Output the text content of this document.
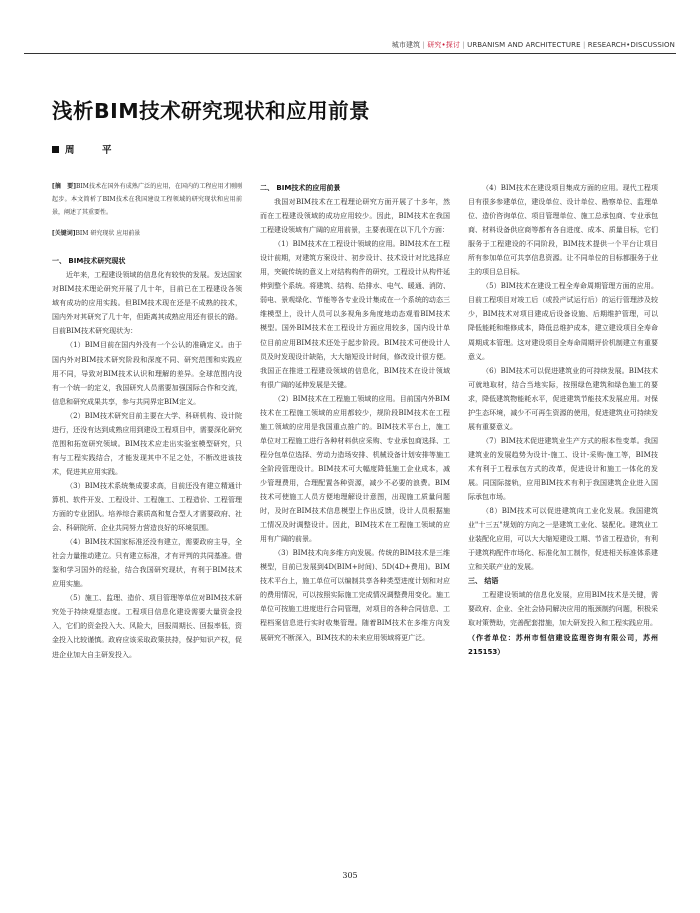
城市建筑 | 研究•探讨 | URBANISM AND ARCHITECTURE | RESEARCH•DISCUSSION
浅析BIM技术研究现状和应用前景
周　平

[摘　要]BIM技术在国外有成熟广泛的应用，在国内的工程应用才刚刚起步。本文简析了BIM技术在我国建设工程领域的研究现状和应用前景，阐述了其重要性。

[关键词]BIM 研究现状 应用前景

一、 BIM技术研究现状

近年来，工程建设领域的信息化有较快的发展。发达国家对BIM技术理论研究开展了几十年，目前已在工程建设各领域有成功的应用实践。但BIM技术现在还是不成熟的技术，国内外对其研究了几十年，但距离其成熟应用还有很长的路。目前BIM技术研究现状为：

（1）BIM目前在国内外没有一个公认的准确定义。由于国内外对BIM技术研究阶段和深度不同、研究范围和实践应用不同，导致对BIM技术认识和理解的差异。全球范围内没有一个统一的定义，我国研究人员需要加强国际合作和交流，信息和研究成果共享，参与共同界定BIM定义。

（2）BIM技术研究目前主要在大学、科研机构、设计院进行，还没有达到成熟应用到建设工程项目中，需要深化研究范围和拓宽研究领域。BIM技术应走出实验室模型研究，只有与工程实践结合，才能发现其中不足之处，不断改进该技术，促进其应用实践。

（3）BIM技术系统集成要求高，目前还没有建立精通计算机、软件开发、工程设计、工程施工、工程造价、工程管理方面的专业团队。培养综合素质高和复合型人才需要政府、社会、科研院所、企业共同努力营造良好的环境氛围。

（4）BIM技术国家标准还没有建立，需要政府主导，全社会力量推动建立。只有建立标准，才有评判的共同基准。借鉴和学习国外的经验，结合我国研究现状，有利于BIM技术应用实施。

（5）施工、监理、造价、项目管理等单位对BIM技术研究处于持续观望态度。工程项目信息化建设需要大量资金投入，它们的资金投入大、风险大，回报周期长、回报率低，资金投入比较谨慎。政府应该采取政策扶持，保护知识产权，促进企业加大自主研发投入。

二、 BIM技术的应用前景

我国对BIM技术在工程理论研究方面开展了十多年，然而在工程建设领域的成功应用较少。因此，BIM技术在我国工程建设领域有广阔的应用前景，主要表现在以下几个方面：

（1）BIM技术在工程设计领域的应用。BIM技术在工程设计前期，对建筑方案设计、初步设计、技术设计对比选择应用，突破传统的意义上对结构构件的研究，工程设计从构件延伸到整个系统。将建筑、结构、给排水、电气、暖通、消防、弱电、景观绿化、节能等各专业设计集成在一个系统的动态三维模型上，设计人员可以多视角多角度地动态观看BIM技术模型。国外BIM技术在工程设计方面应用较多，国内设计单位目前应用BIM技术还处于起步阶段。BIM技术可使设计人员及时发现设计缺陷，大大缩短设计时间，修改设计很方便。我国正在推进工程建设领域的信息化，BIM技术在设计领域有很广阔的延伸发展是关键。

（2）BIM技术在工程施工领域的应用。目前国内外BIM技术在工程施工领域的应用都较少，规阶段BIM技术在工程施工领域的应用是我国重点推广的。BIM技术平台上，施工单位对工程施工进行各种材料供应采购、专业承包商选择、工程分包单位选择、劳动力造场安排、机械设备计划安排等施工全阶段管理设计。BIM技术可大幅度降低施工企业成本，减少管理费用，合理配置各种资源，减少不必要的浪费。BIM技术可使施工人员方便地理解设计意图，出现施工质量问题时，及时在BIM技术信息模型上作出反馈，设计人员根据施工情况及时调整设计。因此，BIM技术在工程施工领域的应用有广阔的前景。

（3）BIM技术向多维方向发展。传统的BIM技术是三维模型，目前已发展到4D(BIM+时间)、5D(4D+费用)。BIM技术平台上，施工单位可以编制共享各种类型进度计划和对应的费用情况，可以按照实际施工完成情况调整费用变化。施工单位可按施工进度进行合同管理，对项目的各种合同信息、工程档案信息进行实时收集管理。随着BIM技术在多维方向发展研究不断深入，BIM技术的未来应用领域将更广泛。

（4）BIM技术在建设项目集成方面的应用。现代工程项目有很多参建单位，建设单位、设计单位、勘察单位、监理单位、造价咨询单位、项目管理单位、施工总承包商、专业承包商、材料设备供应商等都有各自进度、成本、质量目标，它们服务于工程建设的不同阶段，BIM技术提供一个平台让项目所有参加单位可共享信息资源。让不同单位的目标都服务于业主的项目总目标。

（5）BIM技术在建设工程全寿命周期管理方面的应用。目前工程项目对竣工后（或投产试运行后）的运行管理涉及较少，BIM技术对项目建成后设备设施、后期维护管理，可以降低能耗和维修成本，降低总维护成本，建立建设项目全寿命周期成本管理。这对建设项目全寿命周期评价机制建立有重要意义。

（6）BIM技术可以促进建筑业的可持续发展。BIM技术可就地取材，结合当地实际，按照绿色建筑和绿色施工的要求，降低建筑物能耗水平，促进建筑节能技术发展应用。对保护生态环境，减少不可再生资源的使用，促进建筑业可持续发展有重要意义。

（7）BIM技术促进建筑业生产方式的根本性变革。我国建筑业的发展趋势为设计-施工、设计-采购-施工等，BIM技术有利于工程承包方式的改革，促进设计和施工一体化的发展。同国际接轨，应用BIM技术有利于我国建筑企业进入国际承包市场。

（8）BIM技术可以促进建筑向工业化发展。我国建筑业"十三五"规划的方向之一是建筑工业化、装配化。建筑业工业装配化应用，可以大大缩短建设工期、节省工程造价，有利于建筑构配件市场化、标准化加工制作，促进相关标准体系建立和关联产业的发展。

三、 结语

工程建设领域的信息化发展，应用BIM技术是关键，需要政府、企业、全社会协同解决应用的瓶颈制约问题，积极采取对策赞助，完善配套措施，加大研发投入和工程实践应用。

（作者单位：苏州市恒信建设监理咨询有限公司，苏州 215153）

305
